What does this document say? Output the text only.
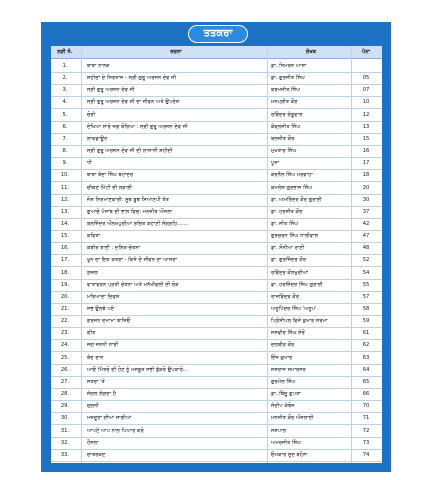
ਤਤਕਰਾ
ਲੜੀ ਨੰ.	ਰਚਨਾ	ਲੇਖਕ	ਪੰਨਾ
1.	ਬਾਬਾ ਨਾਨਕ	ਡਾ. ਸਿਮਰਨ ਆਸ਼ਾ
2.	ਸ਼ਹੀਦਾਂ ਦੇ ਸਿਰਤਾਜ - ਸ੍ਰੀ ਗੁਰੂ ਅਰਜਨ ਦੇਵ ਜੀ	ਡਾ. ਗੁਰਜੀਤ ਸਿੰਘ	05
3.	ਸ੍ਰੀ ਗੁਰੂ ਅਰਜਨ ਦੇਵ ਜੀ	ਕਰਮਜੀਤ ਸਿੰਘ	07
4.	ਸ੍ਰੀ ਗੁਰੂ ਅਰਜਨ ਦੇਵ ਜੀ ਦਾ ਜੀਵਨ ਅਤੇ ਉਪਦੇਸ਼	ਮਨਪ੍ਰੀਤ ਕੌਰ	10
5.	ਚੋਰੀ	ਰਵਿੰਦਰ ਰੰਗੂਵਾਲ	12
6.	ਦੇਖਿਆ ਸਾਰੇ ਜਗ ਥੋਰਿਆ : ਸ੍ਰੀ ਗੁਰੂ ਅਰਜਨ ਦੇਵ ਜੀ	ਕੰਵਲਜੀਤ ਸਿੰਘ	13
7.	ਲਾਕਡਾਊਨ	ਬਲਜੀਤ ਕੌਰ	15
8.	ਸ੍ਰੀ ਗੁਰੂ ਅਰਜਨ ਦੇਵ ਜੀ ਦੀ ਲਾਸਾਨੀ ਸ਼ਹੀਦੀ	ਮੁਖਤਾਰ ਸਿੰਘ	16
9.	ਧੀ	ਪੂਜਾ	17
10.	ਬਾਬਾ ਬੰਦਾ ਸਿੰਘ ਬਹਾਦਰ	ਕਰਨੈਲ ਸਿੰਘ ਮਰਵਾਹਾ	18
11.	ਚੀਕਣ ਮਿੱਟੀ ਦੀ ਲੜਾਈ	ਕਮਲੇਸ਼ ਗੁਰਭਾਜ ਸਿੰਘ	20
12.	ਜੋਸ਼ ਨਿਰਮਾਣਕਾਰੀ: ਸੂਝ ਬੂਝ ਸਿਆਣਪੀ ਤੰਤ	ਡਾ. ਅਮਰਿੰਦਰ ਕੌਰ ਗੁਰਾਈ	30
13.	ਗੁਆਚੇ ਪੰਜਾਬ ਦੀ ਭਾਲ ਵਿਚ: ਮਨਜੀਤ ਔਜਲਾ	ਡਾ. ਹਰਸ਼ੀਤ ਕੌਰ	37
14.	ਬਲਜਿੰਦਰ ਔਲਖਪੁਰੀਆ ਰਚਿਤ ਕਹਾਣੀ ਸੰਗ੍ਰਹਿ.......	ਡਾ. ਜੀਤ ਸਿੰਘ	42
15.	ਕਵਿਤਾ	ਗੁਰਚਰਨ ਸਿੰਘ ਧਾਲੀਵਾਲ	47
16.	ਕਬੀਰ ਬਾਣੀ : ਦਲਿਤ-ਚੇਤਨਾ	ਡਾ. ਸੋਨੀਆ ਰਾਣੀ	48
17.	ਖੂਨ ਦਾ ਇਕ ਕਤਰਾ - ਕਿਸੇ ਦੇ ਜੀਵਨ ਦਾ ਆਸਰਾ	ਡਾ. ਗੁਰਜਿੰਦਰ ਕੌਰ	52
18.	ਗ਼ਜ਼ਲ	ਰਵਿੰਦਰ ਕੌਲਖੁਰੀਆਂ	54
19.	ਵਾਤਾਵਰਨ ਪ੍ਰਤੀ ਚੇਤਨਾ ਅਤੇ ਮਨੱਖੀਵਲੀ ਦੀ ਲੋੜ	ਡਾ. ਹਰਜਿੰਦਰ ਸਿੰਘ ਗੁਰਾਈ	55
20.	ਮਰਿਆਦਾ ਦਿਵਸ	ਰਾਜਵਿੰਦਰ ਕੌਰ	57
21.	ਸਭ ਉਲਝੇ ਪਏ	ਅਨੂਪਿੰਦਰ ਸਿੰਘ 'ਅਨੂਪ'	58
22.	ਗਰਜਨ ਦਮਾਮਾ ਬਾਜਿਓ	ਪ੍ਰਿੰਸੀਪਲ ਵਿਜੇ ਕੁਮਾਰ ਸਰਮਾ	59
23.	ਗੀਤ	ਜਸਵੀਰ ਸਿੰਘ ਸ਼ੇਰੋਂ	61
24.	ਜਗ ਜਨਨੀ ਨਾਰੀ	ਦਲਬੀਰ ਕੌਰ	62
25.	ਬੰਦ ਦਾਨ	ਇੰਜ ਕੁਮਾਰ	63
26.	ਆਓ ਮਿੱਤਰੋ ਦੀ ਹੋਣ ਨੂੰ ਮਜਬੂਤ ਸਭੀ ਬੁੱਕਰੋ ਉਪਕਾਰੋ...	ਜਸ਼ਰਾਜ ਸਮਾਰਸਰ	64
27.	ਸਤਰਾਂ 'ਤੇ	ਗੁਰਮੇਲ ਸਿੰਘ	65
28.	ਜੰਗਲ ਲੱਗਦਾ ਹੈ	ਡਾ. ਬਿੰਦੂ ਗੁਪਤਾ	66
29.	ਸੁਗਨੀ	ਸੰਦੀਪ ਕੰਬੋਜ	70
30.	ਮਜ਼ਦੂਰਾਂ ਦੀਆਂ ਜਾਗੀਆਂ	ਮਨਜੀਤ ਕੌਰ ਔਜਲਾਈ	71
31.	ਆਪਣੇ ਆਪ ਨਾਲ ਪਿਆਰ ਕਰੋ	ਜਸ਼ਪਾਲ	72
32.	ਹੌਸਲਾ	ਅਮਰਜੀਤ ਸਿੰਘ	73
33.	ਚਾਤਰਕਣ	ਓਮਕਾਰ ਸੂਦ ਬਹੋਨਾ	74
